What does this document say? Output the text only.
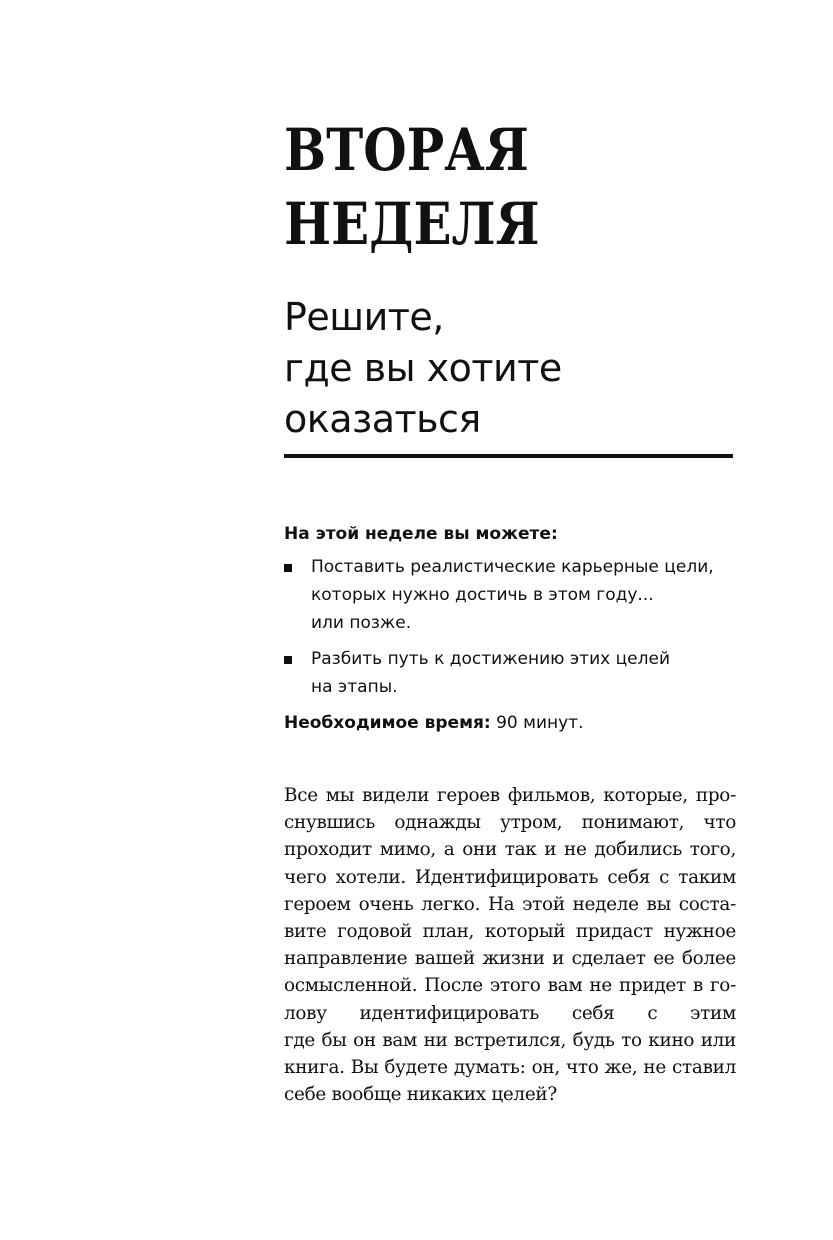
ВТОРАЯ
НЕДЕЛЯ
Решите,
где вы хотите
оказаться

На этой неделе вы можете:

Поставить реалистические карьерные цели,
которых нужно достичь в этом году...
или позже.
Разбить путь к достижению этих целей
на этапы.

Необходимое время: 90 минут.

Все мы видели героев фильмов, которые, про-
снувшись однажды утром, понимают, что
проходит мимо, а они так и не добились того,
чего хотели. Идентифицировать себя с таким
героем очень легко. На этой неделе вы соста-
вите годовой план, который придаст нужное
направление вашей жизни и сделает ее более
осмысленной. После этого вам не придет в го-
лову идентифицировать себя с этим
где бы он вам ни встретился, будь то кино или
книга. Вы будете думать: он, что же, не ставил
себе вообще никаких целей?
